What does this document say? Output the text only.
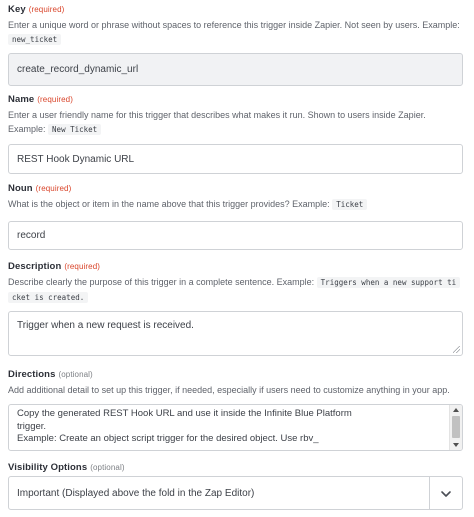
Key (required)
Enter a unique word or phrase without spaces to reference this trigger inside Zapier. Not seen by users. Example:
new_ticket
create_record_dynamic_url
Name (required)
Enter a user friendly name for this trigger that describes what makes it run. Shown to users inside Zapier. Example: New Ticket
REST Hook Dynamic URL
Noun (required)
What is the object or item in the name above that this trigger provides? Example: Ticket
record
Description (required)
Describe clearly the purpose of this trigger in a complete sentence. Example: Triggers when a new support ti
cket is created.
Trigger when a new request is received.
Directions (optional)
Add additional detail to set up this trigger, if needed, especially if users need to customize anything in your app.
Copy the generated REST Hook URL and use it inside the Infinite Blue Platform
trigger.
Example: Create an object script trigger for the desired object. Use rbv_
Visibility Options (optional)
Important (Displayed above the fold in the Zap Editor)
